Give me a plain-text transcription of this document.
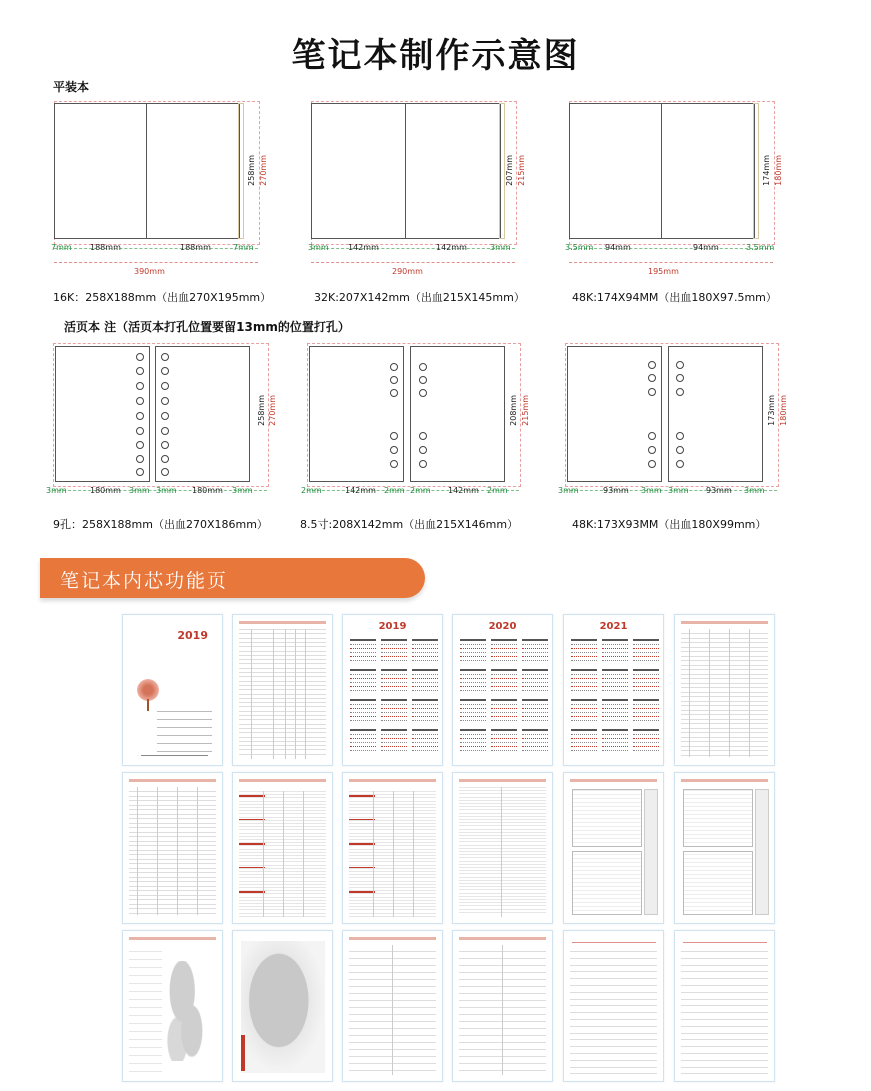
笔记本制作示意图
平装本
258mm 270mm
7mm 188mm	188mm	7mm
390mm
16K：258X188mm（出血270X195mm）
207mm 215mm
3mm 142mm	142mm	3mm
290mm
32K:207X142mm（出血215X145mm）
174mm 180mm
3.5mm 94mm	94mm	3.5mm
195mm
48K:174X94MM（出血180X97.5mm）
活页本 注（活页本打孔位置要留13mm的位置打孔）
258mm 270mm
3mm	180mm 3mm 3mm 180mm 3mm
9孔：258X188mm（出血270X186mm）
208mm 215mm
2mm	142mm 2mm 2mm 142mm 2mm
8.5寸:208X142mm（出血215X146mm）
173mm 180mm
3mm	93mm 3mm 3mm 93mm 3mm
48K:173X93MM（出血180X99mm）
笔记本内芯功能页
2019
2019	2020	2021
